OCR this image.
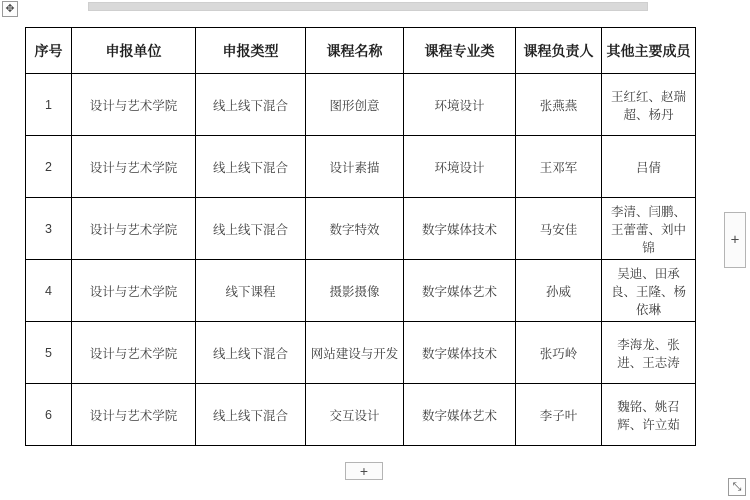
✥
序号	申报单位	申报类型	课程名称	课程专业类	课程负责人	其他主要成员
1	设计与艺术学院	线上线下混合	图形创意	环境设计	张燕燕	王红红、赵瑞超、杨丹
2	设计与艺术学院	线上线下混合	设计素描	环境设计	王邓军	吕倩
3	设计与艺术学院	线上线下混合	数字特效	数字媒体技术	马安佳	李清、闫鹏、王蕾蕾、刘中锦
4	设计与艺术学院	线下课程	摄影摄像	数字媒体艺术	孙威	吴迪、田承良、王隆、杨依琳
5	设计与艺术学院	线上线下混合	网站建设与开发	数字媒体技术	张巧岭	李海龙、张进、王志涛
6	设计与艺术学院	线上线下混合	交互设计	数字媒体艺术	李子叶	魏铭、姚召辉、许立茹
+
+
⤡
